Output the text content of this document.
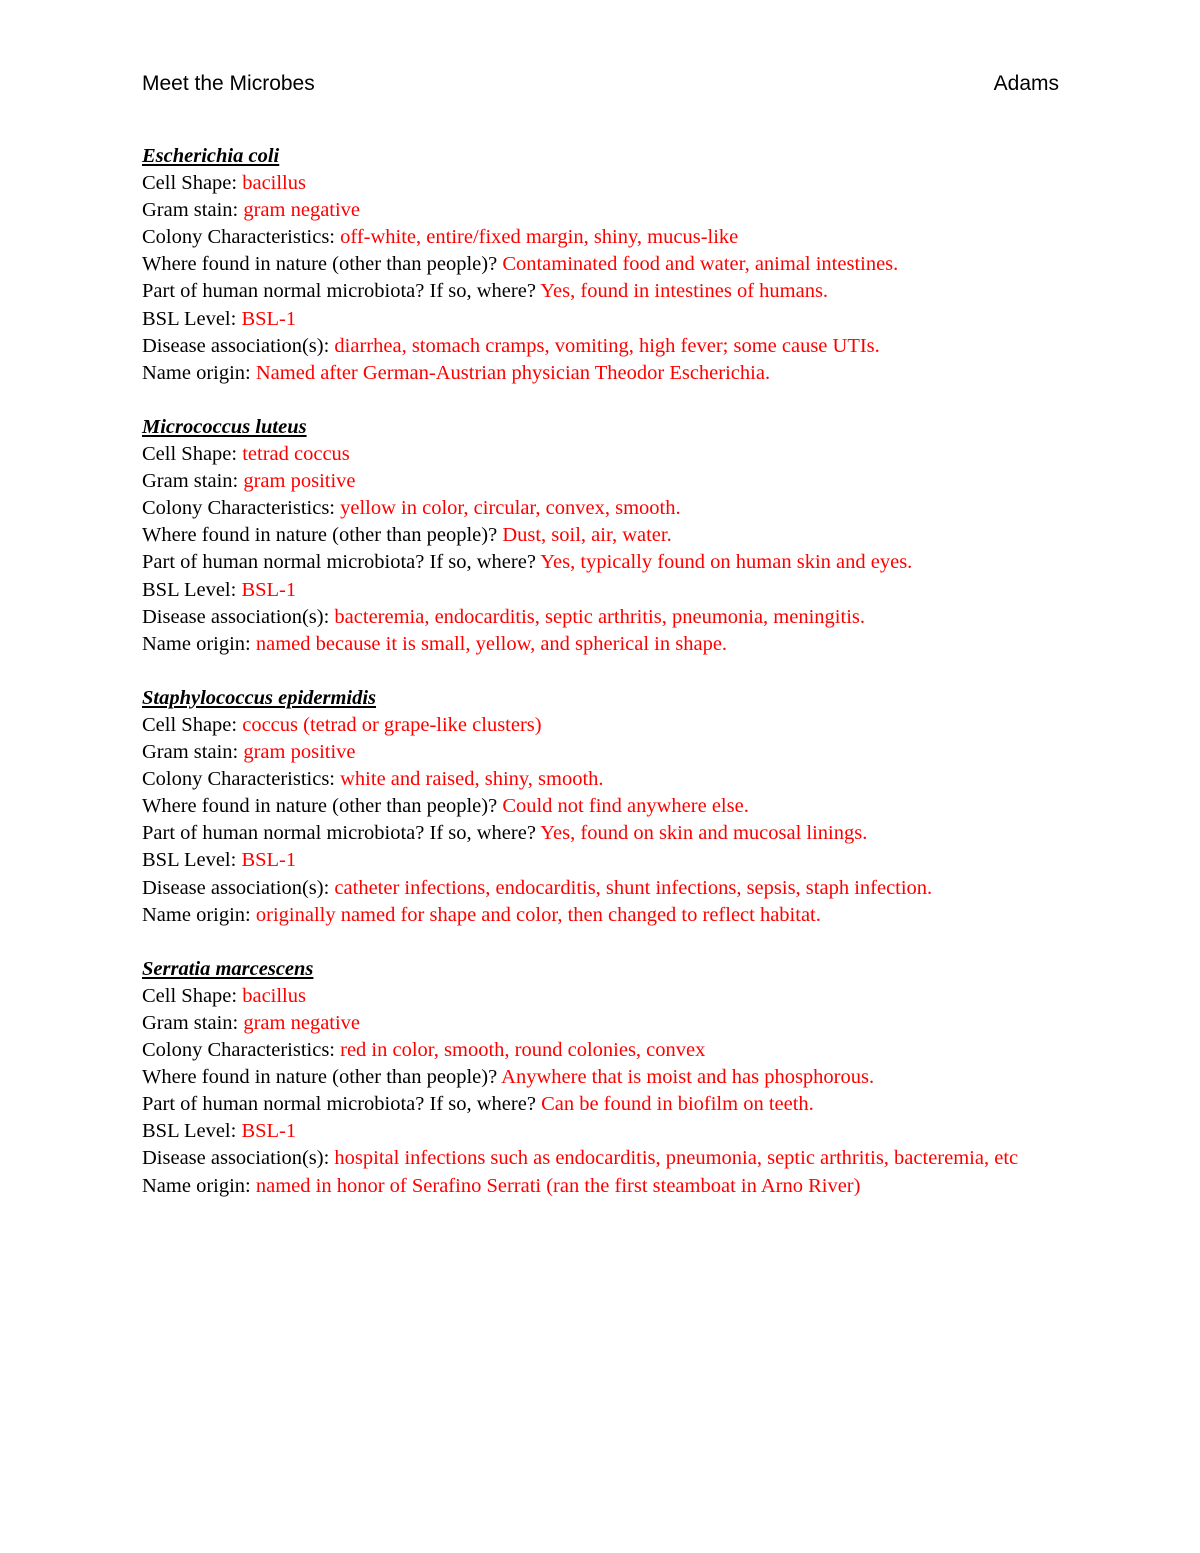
Meet the Microbes	Adams
Escherichia coli
Cell Shape: bacillus
Gram stain: gram negative
Colony Characteristics: off-white, entire/fixed margin, shiny, mucus-like
Where found in nature (other than people)? Contaminated food and water, animal intestines.
Part of human normal microbiota? If so, where? Yes, found in intestines of humans.
BSL Level: BSL-1
Disease association(s): diarrhea, stomach cramps, vomiting, high fever; some cause UTIs.
Name origin: Named after German-Austrian physician Theodor Escherichia.
Micrococcus luteus
Cell Shape: tetrad coccus
Gram stain: gram positive
Colony Characteristics: yellow in color, circular, convex, smooth.
Where found in nature (other than people)? Dust, soil, air, water.
Part of human normal microbiota? If so, where? Yes, typically found on human skin and eyes.
BSL Level: BSL-1
Disease association(s): bacteremia, endocarditis, septic arthritis, pneumonia, meningitis.
Name origin: named because it is small, yellow, and spherical in shape.
Staphylococcus epidermidis
Cell Shape: coccus (tetrad or grape-like clusters)
Gram stain: gram positive
Colony Characteristics: white and raised, shiny, smooth.
Where found in nature (other than people)? Could not find anywhere else.
Part of human normal microbiota? If so, where? Yes, found on skin and mucosal linings.
BSL Level: BSL-1
Disease association(s): catheter infections, endocarditis, shunt infections, sepsis, staph infection.
Name origin: originally named for shape and color, then changed to reflect habitat.
Serratia marcescens
Cell Shape: bacillus
Gram stain: gram negative
Colony Characteristics: red in color, smooth, round colonies, convex
Where found in nature (other than people)? Anywhere that is moist and has phosphorous.
Part of human normal microbiota? If so, where? Can be found in biofilm on teeth.
BSL Level: BSL-1
Disease association(s): hospital infections such as endocarditis, pneumonia, septic arthritis, bacteremia, etc
Name origin: named in honor of Serafino Serrati (ran the first steamboat in Arno River)
